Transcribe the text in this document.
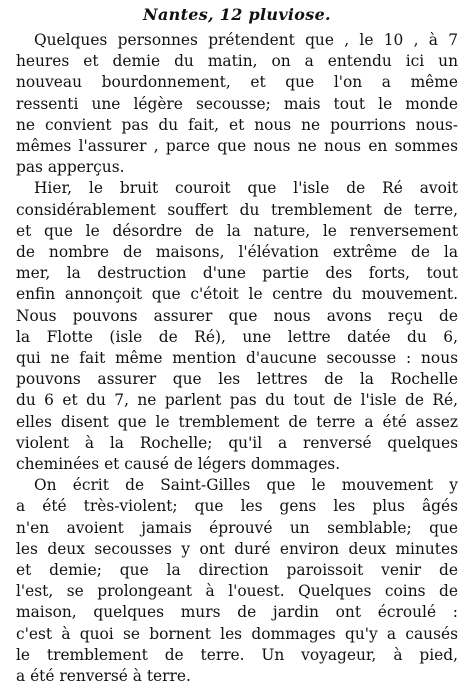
Nantes, 12 pluviose.
Quelques personnes prétendent que , le 10 , à 7
heures et demie du matin, on a entendu ici un
nouveau bourdonnement, et que l'on a même
ressenti une légère secousse; mais tout le monde
ne convient pas du fait, et nous ne pourrions nous-
mêmes l'assurer , parce que nous ne nous en sommes
pas apperçus.
Hier, le bruit couroit que l'isle de Ré avoit
considérablement souffert du tremblement de terre,
et que le désordre de la nature, le renversement
de nombre de maisons, l'élévation extrême de la
mer, la destruction d'une partie des forts, tout
enfin annonçoit que c'étoit le centre du mouvement.
Nous pouvons assurer que nous avons reçu de
la Flotte (isle de Ré), une lettre datée du 6,
qui ne fait même mention d'aucune secousse : nous
pouvons assurer que les lettres de la Rochelle
du 6 et du 7, ne parlent pas du tout de l'isle de Ré,
elles disent que le tremblement de terre a été assez
violent à la Rochelle; qu'il a renversé quelques
cheminées et causé de légers dommages.
On écrit de Saint-Gilles que le mouvement y
a été très-violent; que les gens les plus âgés
n'en avoient jamais éprouvé un semblable; que
les deux secousses y ont duré environ deux minutes
et demie; que la direction paroissoit venir de
l'est, se prolongeant à l'ouest. Quelques coins de
maison, quelques murs de jardin ont écroulé :
c'est à quoi se bornent les dommages qu'y a causés
le tremblement de terre. Un voyageur, à pied,
a été renversé à terre.
